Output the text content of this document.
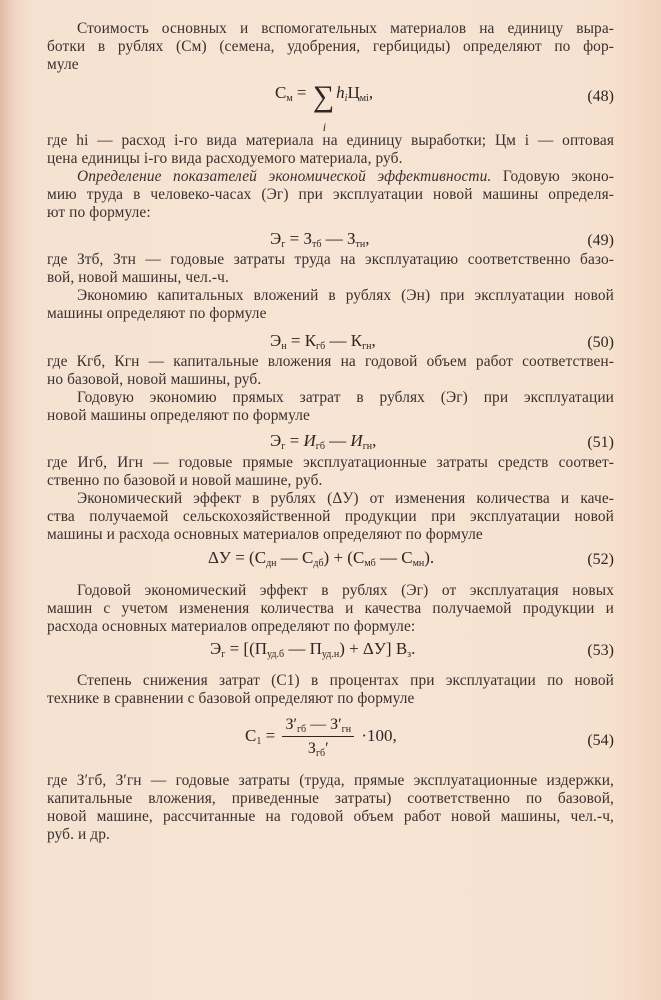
Стоимость основных и вспомогательных материалов на единицу выра-
ботки в рублях (См) (семена, удобрения, гербициды) определяют по фор-
муле
$С_м$ = ∑
i
$h_iЦ_{мi}$,	(48)
где hi — расход i-го вида материала на единицу выработки; Цм i — оптовая
цена единицы i-го вида расходуемого материала, руб.
Определение показателей экономической эффективности. Годовую эконо-
мию труда в человеко-часах (Эг) при эксплуатации новой машины определя-
ют по формуле:
$Э_г = З_{тб}$ — $З_{тн}$,	(49)
где Зтб, Зтн — годовые затраты труда на эксплуатацию соответственно базо-
вой, новой машины, чел.-ч.
Экономию капитальных вложений в рублях (Эн) при эксплуатации новой
машины определяют по формуле
$Э_н = К_{гб}$ — $К_{гн}$,	(50)
где Кгб, Кгн — капитальные вложения на годовой объем работ соответствен-
но базовой, новой машины, руб.
Годовую экономию прямых затрат в рублях (Эг) при эксплуатации
новой машины определяют по формуле
$Э_г = И_{гб}$ — $И_{гн}$,	(51)
где Игб, Игн — годовые прямые эксплуатационные затраты средств соответ-
ственно по базовой и новой машине, руб.
Экономический эффект в рублях (ΔУ) от изменения количества и каче-
ства получаемой сельскохозяйственной продукции при эксплуатации новой
машины и расхода основных материалов определяют по формуле
$\Delta У = (С_{дн}$ — $С_{дб}) + (С_{мб}$ — $С_{мн}$).	(52)
Годовой экономический эффект в рублях (Эг) от эксплуатация новых
машин с учетом изменения количества и качества получаемой продукции и
расхода основных материалов определяют по формуле:
$Э_г = [(П_{уд.б}$ — $П_{уд.н}) + \Delta У$] $В_з$.	(53)
Степень снижения затрат (С1) в процентах при эксплуатации по новой
технике в сравнении с базовой определяют по формуле
$С_1 = \frac{З'_{гб} — З'_{гн}}{З_{гб}'} \cdot 100$,	(54)
где З′гб, З′гн — годовые затраты (труда, прямые эксплуатационные издержки,
капитальные вложения, приведенные затраты) соответственно по базовой,
новой машине, рассчитанные на годовой объем работ новой машины, чел.-ч,
руб. и др.
